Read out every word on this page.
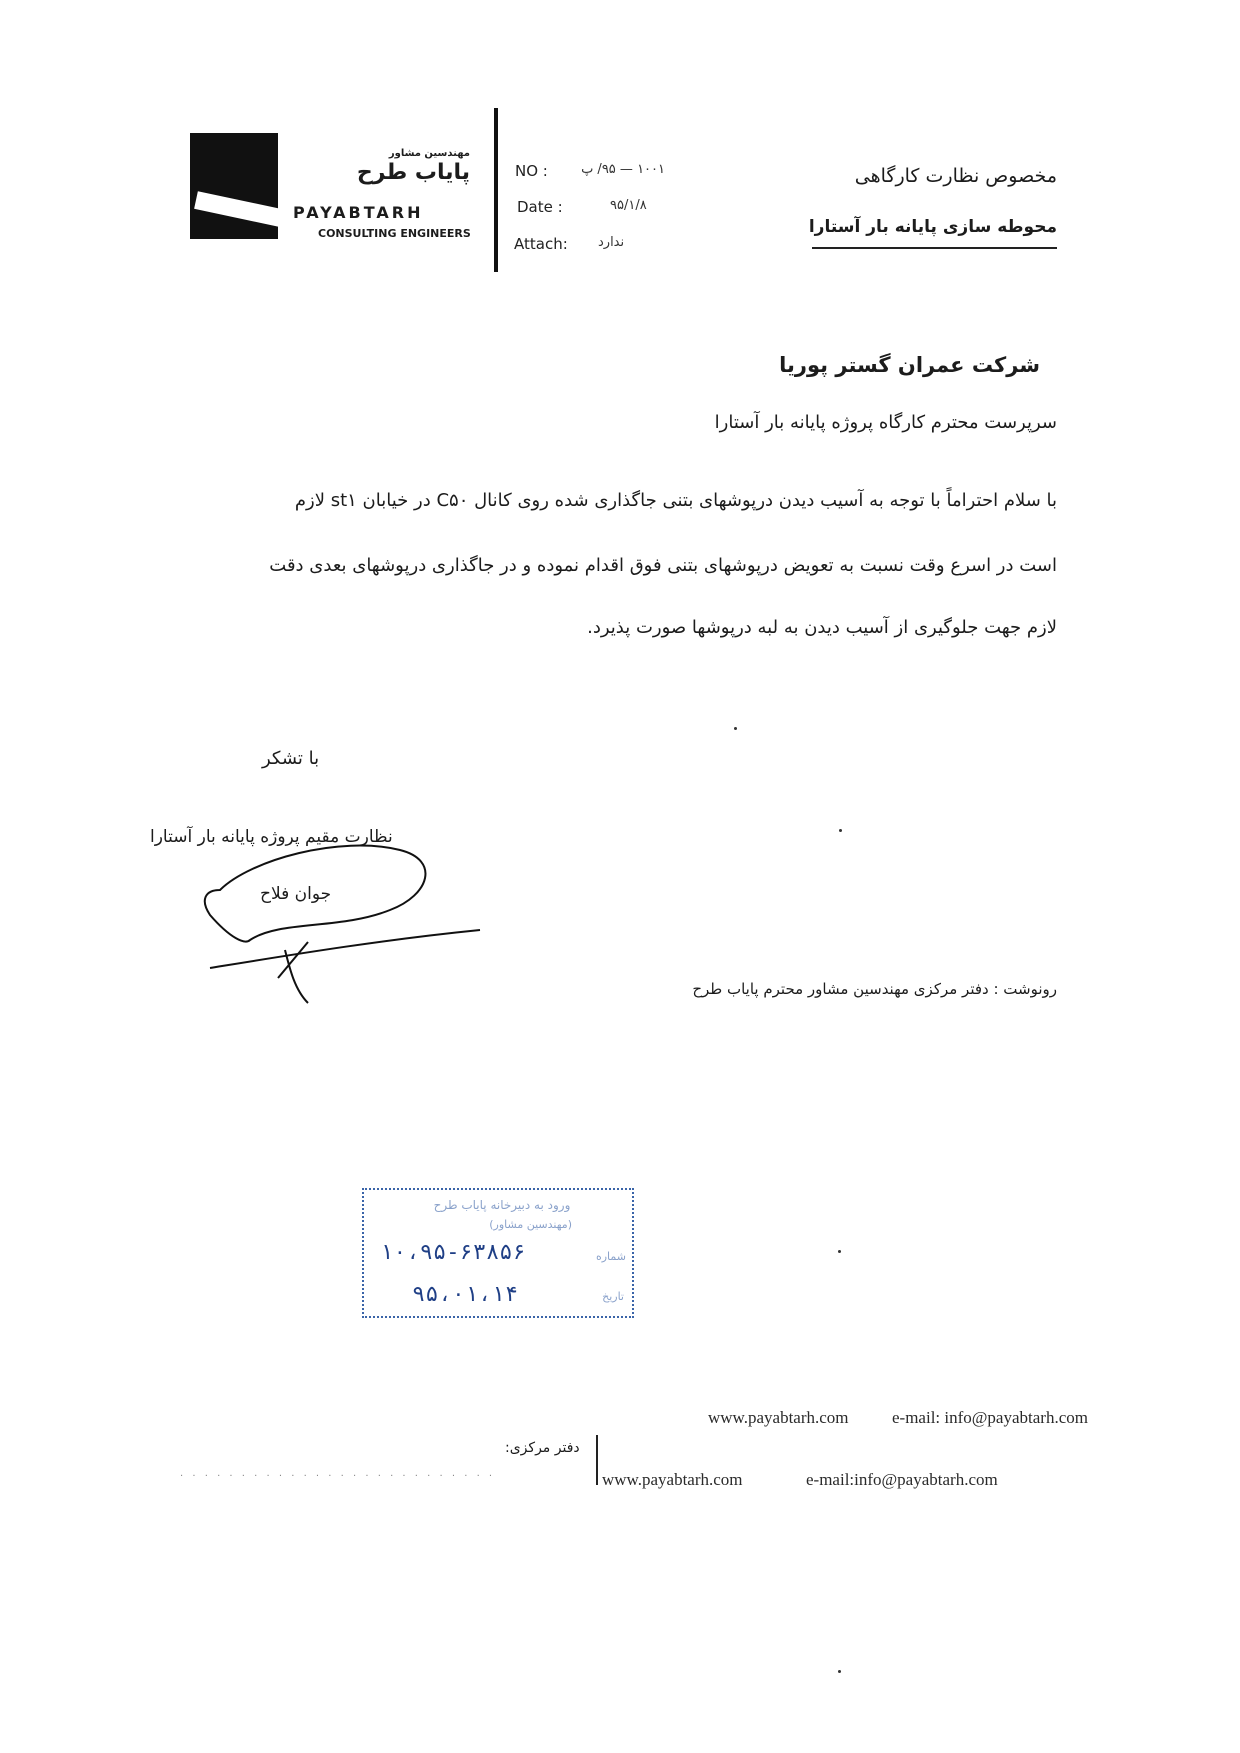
مهندسین مشاور
پایاب طرح
PAYABTARH
CONSULTING ENGINEERS
NO :	۱۰۰۱ — ۹۵/ پ
Date :	۹۵/۱/۸
Attach: ندارد
مخصوص نظارت کارگاهی
محوطه سازی پایانه بار آستارا
شرکت عمران گستر پوریا
سرپرست محترم کارگاه پروژه پایانه بار آستارا
با سلام احتراماً با توجه به آسیب دیدن درپوشهای بتنی جاگذاری شده روی کانال C۵۰ در خیابان st۱ لازم
است در اسرع وقت نسبت به تعویض درپوشهای بتنی فوق اقدام نموده و در جاگذاری درپوشهای بعدی دقت
لازم جهت جلوگیری از آسیب دیدن به لبه درپوشها صورت پذیرد.
با تشکر
نظارت مقیم پروژه پایانه بار آستارا
جوان فلاح
رونوشت : دفتر مرکزی مهندسین مشاور محترم پایاب طرح
ورود به دبیرخانه پایاب طرح
(مهندسین مشاور)
شماره
۱۰،۹۵-۶۳۸۵۶
تاریخ
۹۵،۰۱،۱۴
www.payabtarh.com	e-mail: info@payabtarh.com
دفتر مرکزی:
· · · · · · · · · · · · · · · · · · · · · · · · · ·	www.payabtarh.com	e-mail:info@payabtarh.com
